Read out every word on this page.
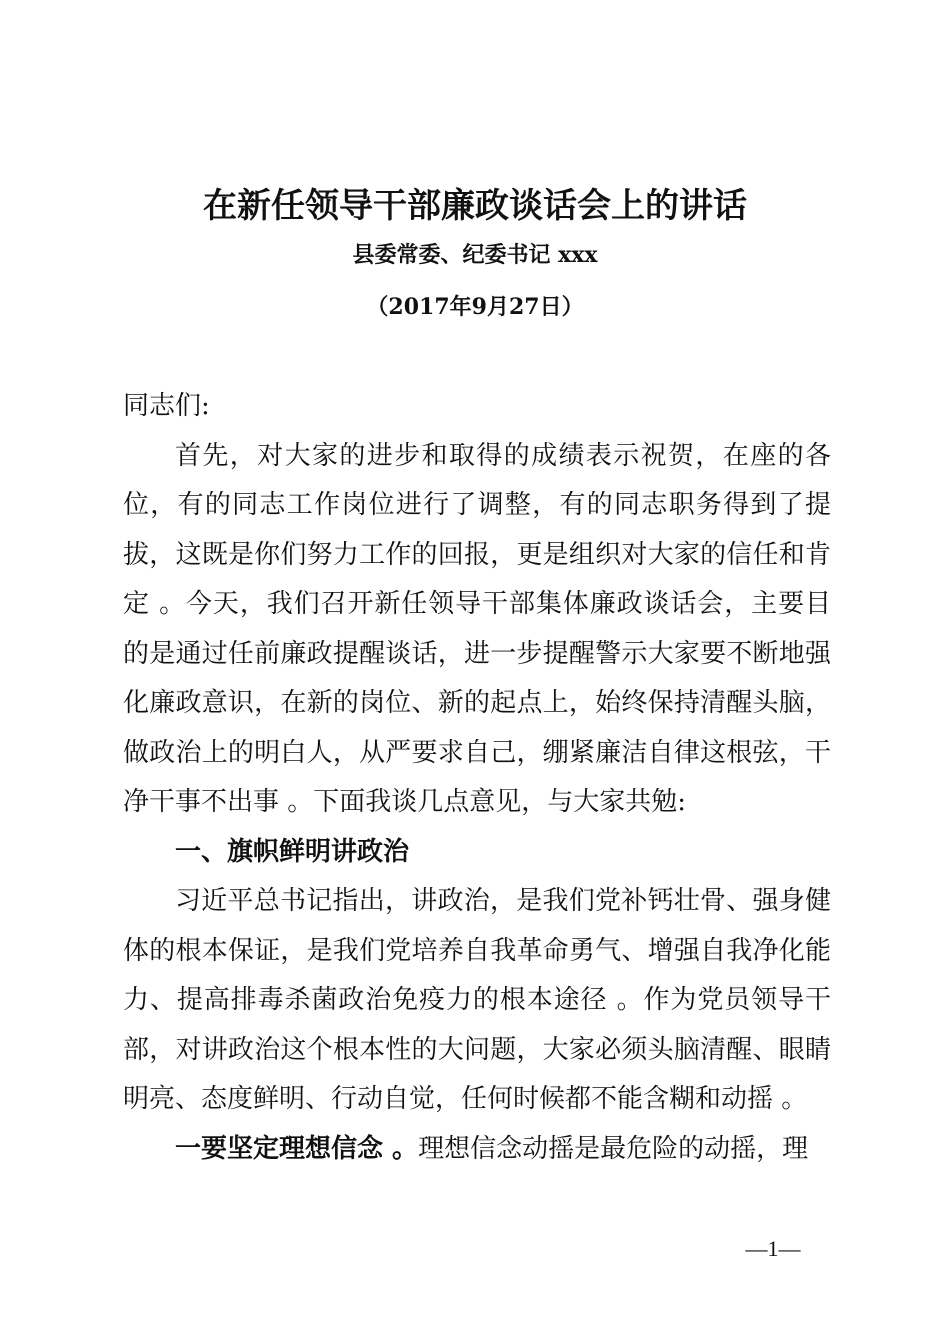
在新任领导干部廉政谈话会上的讲话
县委常委、纪委书记 xxx
（2017年9月27日）

同志们:

首先，对大家的进步和取得的成绩表示祝贺，在座的各位，有的同志工作岗位进行了调整，有的同志职务得到了提拔，这既是你们努力工作的回报，更是组织对大家的信任和肯定 。今天，我们召开新任领导干部集体廉政谈话会，主要目的是通过任前廉政提醒谈话，进一步提醒警示大家要不断地强化廉政意识，在新的岗位、新的起点上，始终保持清醒头脑，做政治上的明白人，从严要求自己，绷紧廉洁自律这根弦，干净干事不出事 。下面我谈几点意见，与大家共勉:

一、旗帜鲜明讲政治

习近平总书记指出，讲政治，是我们党补钙壮骨、强身健体的根本保证，是我们党培养自我革命勇气、增强自我净化能力、提高排毒杀菌政治免疫力的根本途径 。作为党员领导干部，对讲政治这个根本性的大问题，大家必须头脑清醒、眼睛明亮、态度鲜明、行动自觉，任何时候都不能含糊和动摇 。

一要坚定理想信念 。理想信念动摇是最危险的动摇，理

—1—
